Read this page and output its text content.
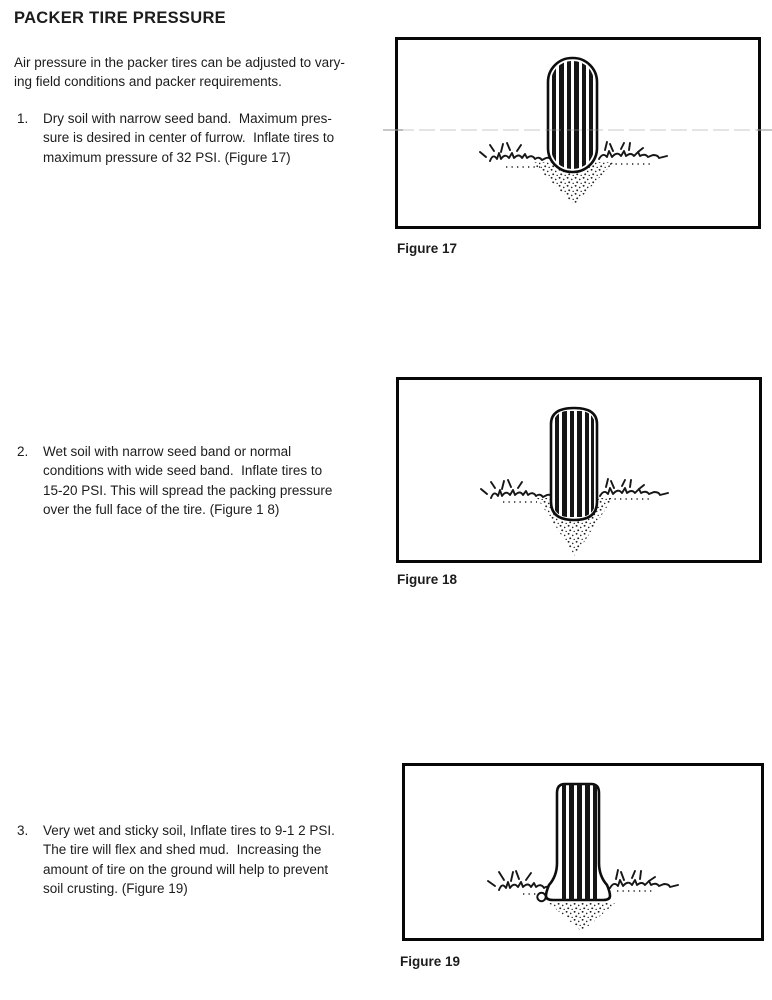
PACKER TIRE PRESSURE
Air pressure in the packer tires can be adjusted to vary-
ing field conditions and packer requirements.
1. Dry soil with narrow seed band.  Maximum pres-
sure is desired in center of furrow.  Inflate tires to
maximum pressure of 32 PSI. (Figure 17)
2. Wet soil with narrow seed band or normal
conditions with wide seed band.  Inflate tires to
15-20 PSI. This will spread the packing pressure
over the full face of the tire. (Figure 1 8)
3. Very wet and sticky soil, Inflate tires to 9-1 2 PSI.
The tire will flex and shed mud.  Increasing the
amount of tire on the ground will help to prevent
soil crusting. (Figure 19)
Figure 17
Figure 18
Figure 19
